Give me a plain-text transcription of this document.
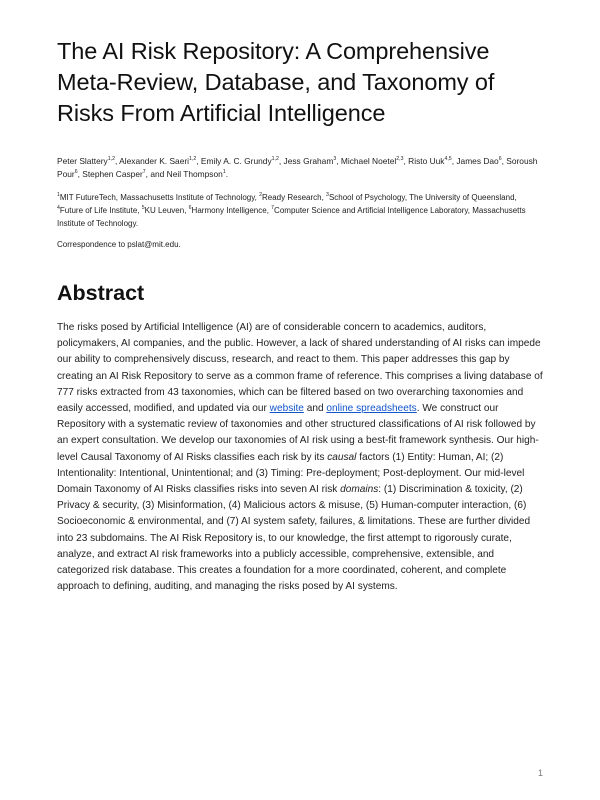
The AI Risk Repository: A Comprehensive Meta-Review, Database, and Taxonomy of Risks From Artificial Intelligence
Peter Slattery$^{1,2}$, Alexander K. Saeri$^{1,2}$, Emily A. C. Grundy$^{1,2}$, Jess Graham$^3$, Michael Noetel$^{2,3}$, Risto Uuk$^{4,5}$, James Dao$^6$, Soroush Pour$^6$, Stephen Casper$^7$, and Neil Thompson$^1$.
$^1$MIT FutureTech, Massachusetts Institute of Technology, $^2$Ready Research, $^3$School of Psychology, The University of Queensland, $^4$Future of Life Institute, $^5$KU Leuven, $^6$Harmony Intelligence, $^7$Computer Science and Artificial Intelligence Laboratory, Massachusetts Institute of Technology.
Correspondence to pslat@mit.edu.
Abstract

The risks posed by Artificial Intelligence (AI) are of considerable concern to academics, auditors, policymakers, AI companies, and the public. However, a lack of shared understanding of AI risks can impede our ability to comprehensively discuss, research, and react to them. This paper addresses this gap by creating an AI Risk Repository to serve as a common frame of reference. This comprises a living database of 777 risks extracted from 43 taxonomies, which can be filtered based on two overarching taxonomies and easily accessed, modified, and updated via our website and online spreadsheets. We construct our Repository with a systematic review of taxonomies and other structured classifications of AI risk followed by an expert consultation. We develop our taxonomies of AI risk using a best-fit framework synthesis. Our high-level Causal Taxonomy of AI Risks classifies each risk by its causal factors (1) Entity: Human, AI; (2) Intentionality: Intentional, Unintentional; and (3) Timing: Pre-deployment; Post-deployment. Our mid-level Domain Taxonomy of AI Risks classifies risks into seven AI risk domains: (1) Discrimination & toxicity, (2) Privacy & security, (3) Misinformation, (4) Malicious actors & misuse, (5) Human-computer interaction, (6) Socioeconomic & environmental, and (7) AI system safety, failures, & limitations. These are further divided into 23 subdomains. The AI Risk Repository is, to our knowledge, the first attempt to rigorously curate, analyze, and extract AI risk frameworks into a publicly accessible, comprehensive, extensible, and categorized risk database. This creates a foundation for a more coordinated, coherent, and complete approach to defining, auditing, and managing the risks posed by AI systems.

1
